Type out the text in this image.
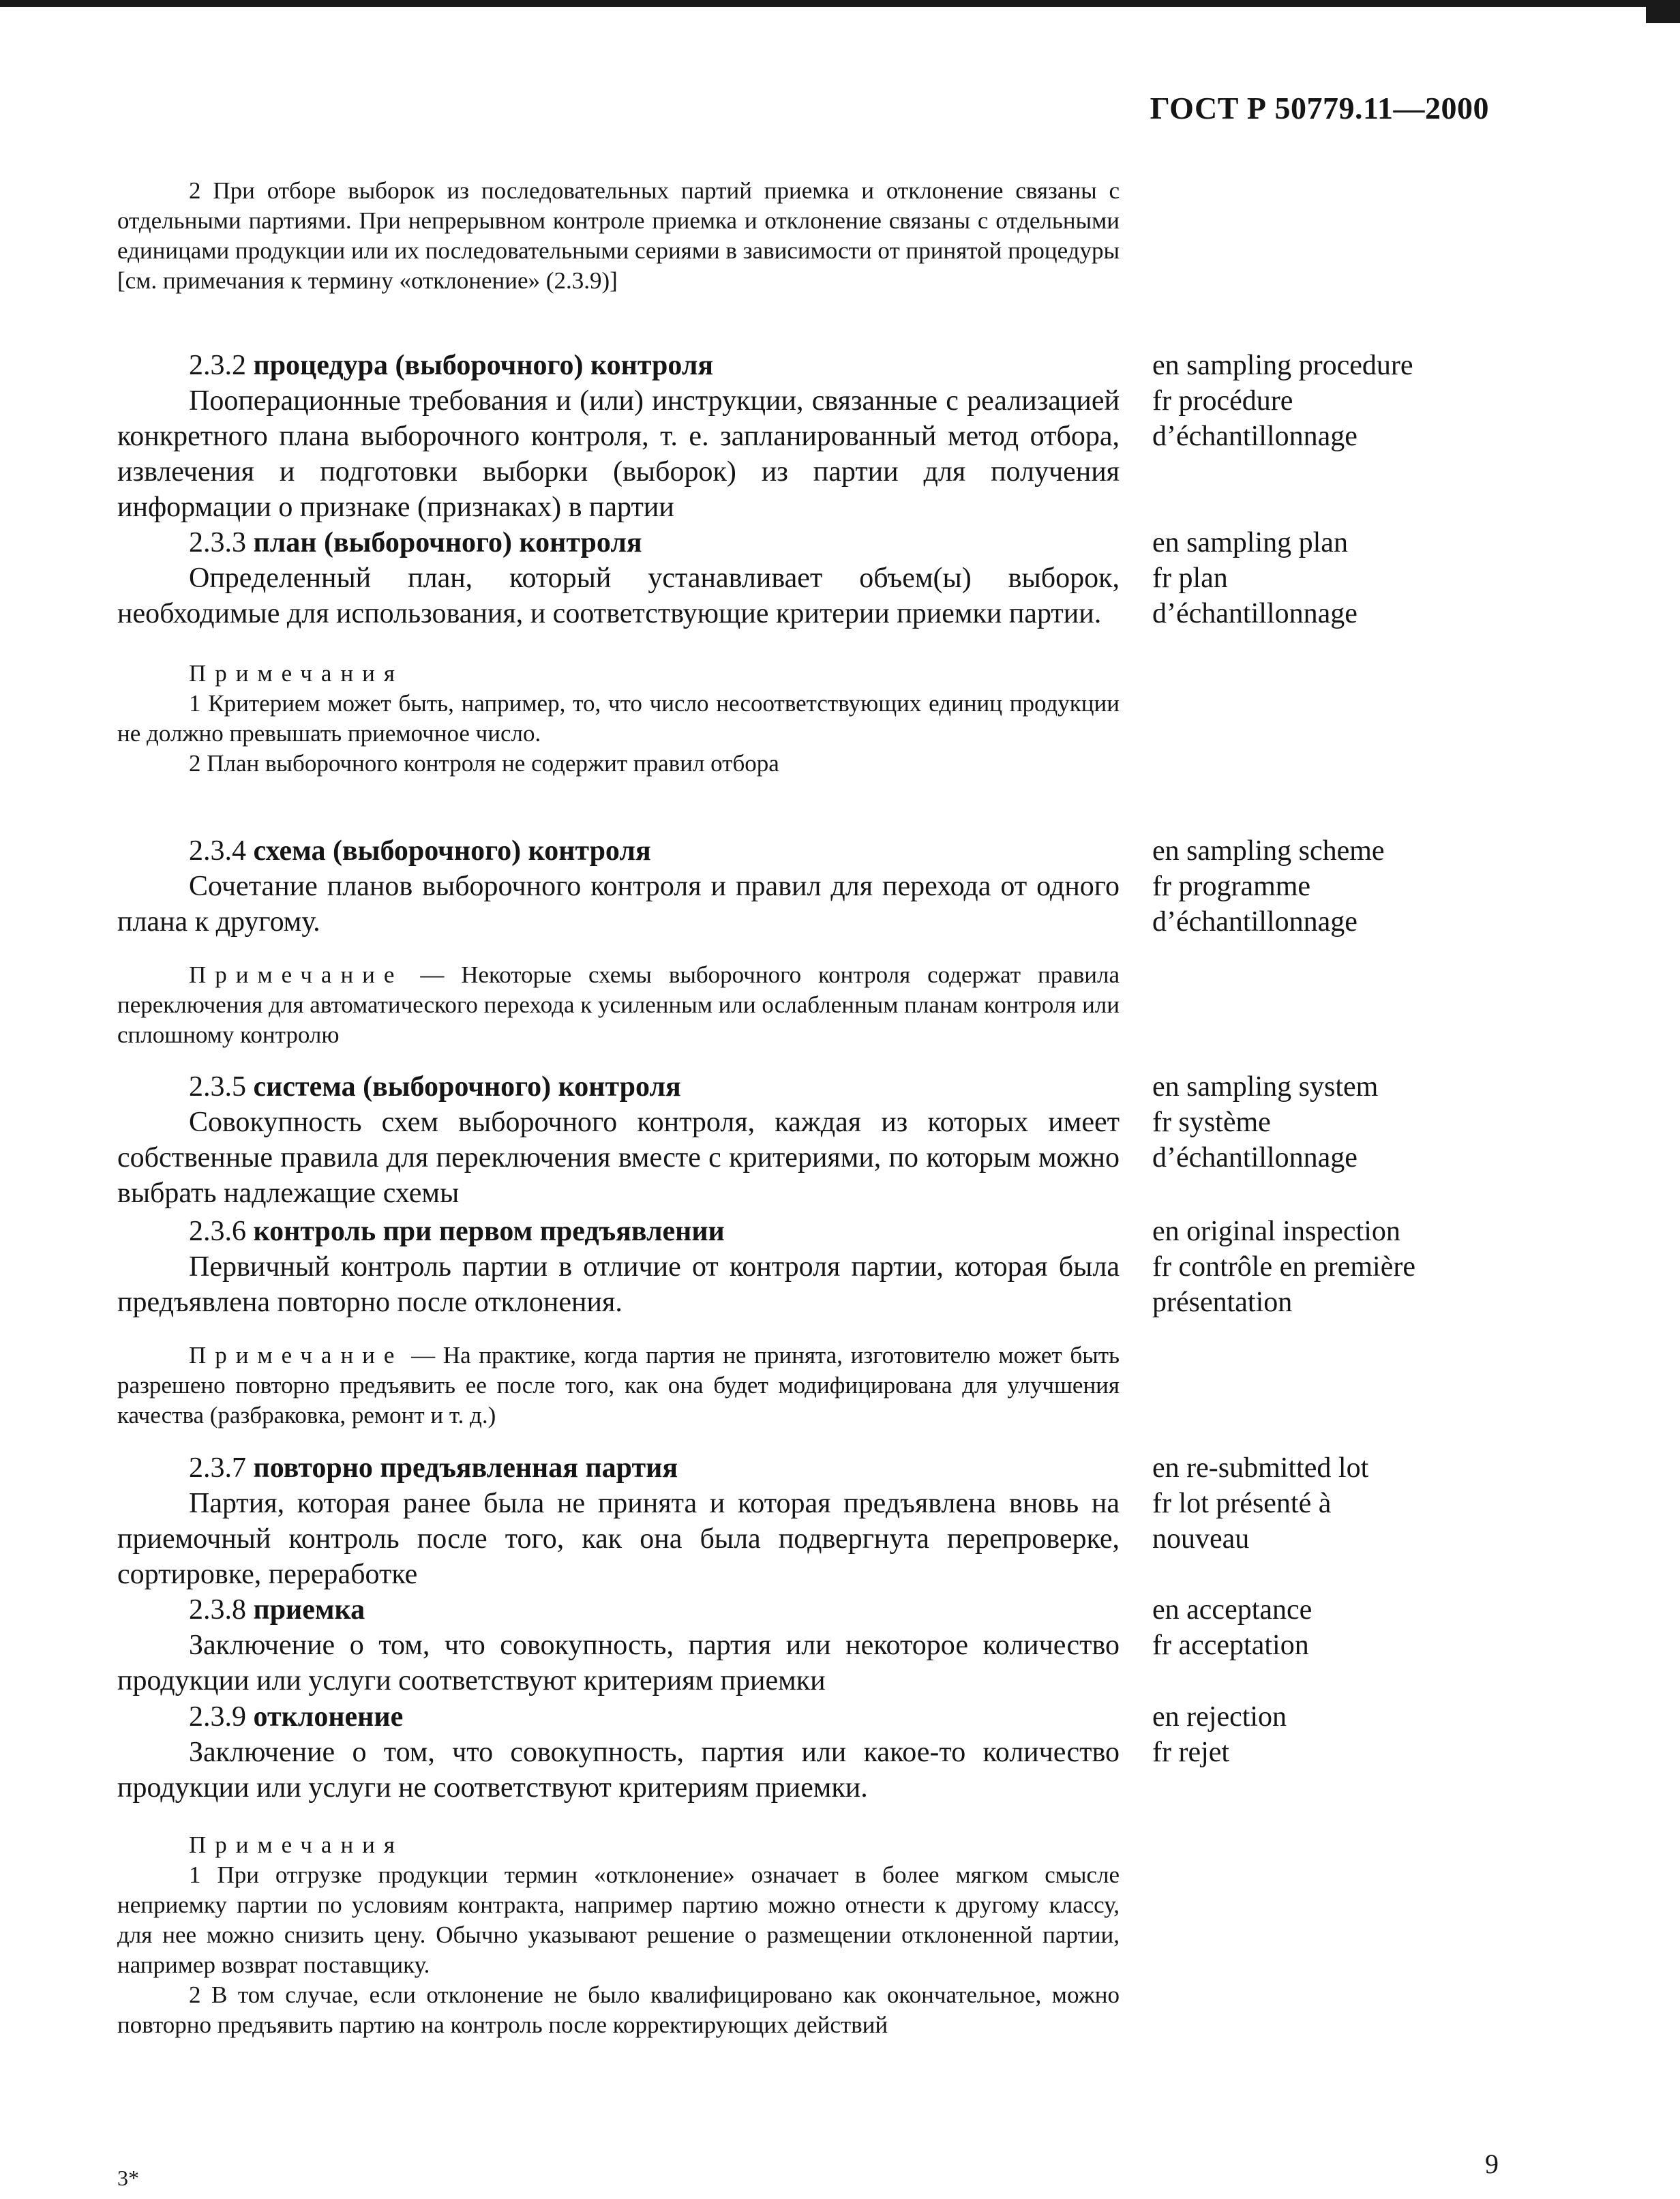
ГОСТ Р 50779.11—2000

2 При отборе выборок из последовательных партий приемка и отклонение связаны с отдельными партиями. При непрерывном контроле приемка и отклонение связаны с отдельными единицами продукции или их последовательными сериями в зависимости от принятой процедуры [см. примечания к термину «отклонение» (2.3.9)]

2.3.2 процедура (выборочного) контроля

Пооперационные требования и (или) инструкции, связанные с реализацией конкретного плана выборочного контроля, т. е. запланированный метод отбора, извлечения и подготовки выборки (выборок) из партии для получения информации о признаке (признаках) в партии

en sampling procedure
fr procédure
d’échantillonnage

2.3.3 план (выборочного) контроля

Определенный план, который устанавливает объем(ы) выборок, необходимые для использования, и соответствующие критерии приемки партии.

Примечания

1 Критерием может быть, например, то, что число несоответствующих единиц продукции не должно превышать приемочное число.

2 План выборочного контроля не содержит правил отбора

en sampling plan
fr plan
d’échantillonnage

2.3.4 схема (выборочного) контроля

Сочетание планов выборочного контроля и правил для перехода от одного плана к другому.

Примечание — Некоторые схемы выборочного контроля содержат правила переключения для автоматического перехода к усиленным или ослабленным планам контроля или сплошному контролю

en sampling scheme
fr programme
d’échantillonnage

2.3.5 система (выборочного) контроля

Совокупность схем выборочного контроля, каждая из которых имеет собственные правила для переключения вместе с критериями, по которым можно выбрать надлежащие схемы

en sampling system
fr système
d’échantillonnage

2.3.6 контроль при первом предъявлении

Первичный контроль партии в отличие от контроля партии, которая была предъявлена повторно после отклонения.

Примечание — На практике, когда партия не принята, изготовителю может быть разрешено повторно предъявить ее после того, как она будет модифицирована для улучшения качества (разбраковка, ремонт и т. д.)

en original inspection
fr contrôle en première
présentation

2.3.7 повторно предъявленная партия

Партия, которая ранее была не принята и которая предъявлена вновь на приемочный контроль после того, как она была подвергнута перепроверке, сортировке, переработке

en re-submitted lot
fr lot présenté à
nouveau

2.3.8 приемка

Заключение о том, что совокупность, партия или некоторое количество продукции или услуги соответствуют критериям приемки

en acceptance
fr acceptation

2.3.9 отклонение

Заключение о том, что совокупность, партия или какое-то количество продукции или услуги не соответствуют критериям приемки.

Примечания

1 При отгрузке продукции термин «отклонение» означает в более мягком смысле неприемку партии по условиям контракта, например партию можно отнести к другому классу, для нее можно снизить цену. Обычно указывают решение о размещении отклоненной партии, например возврат поставщику.

2 В том случае, если отклонение не было квалифицировано как окончательное, можно повторно предъявить партию на контроль после корректирующих действий

en rejection
fr rejet
3*	9
